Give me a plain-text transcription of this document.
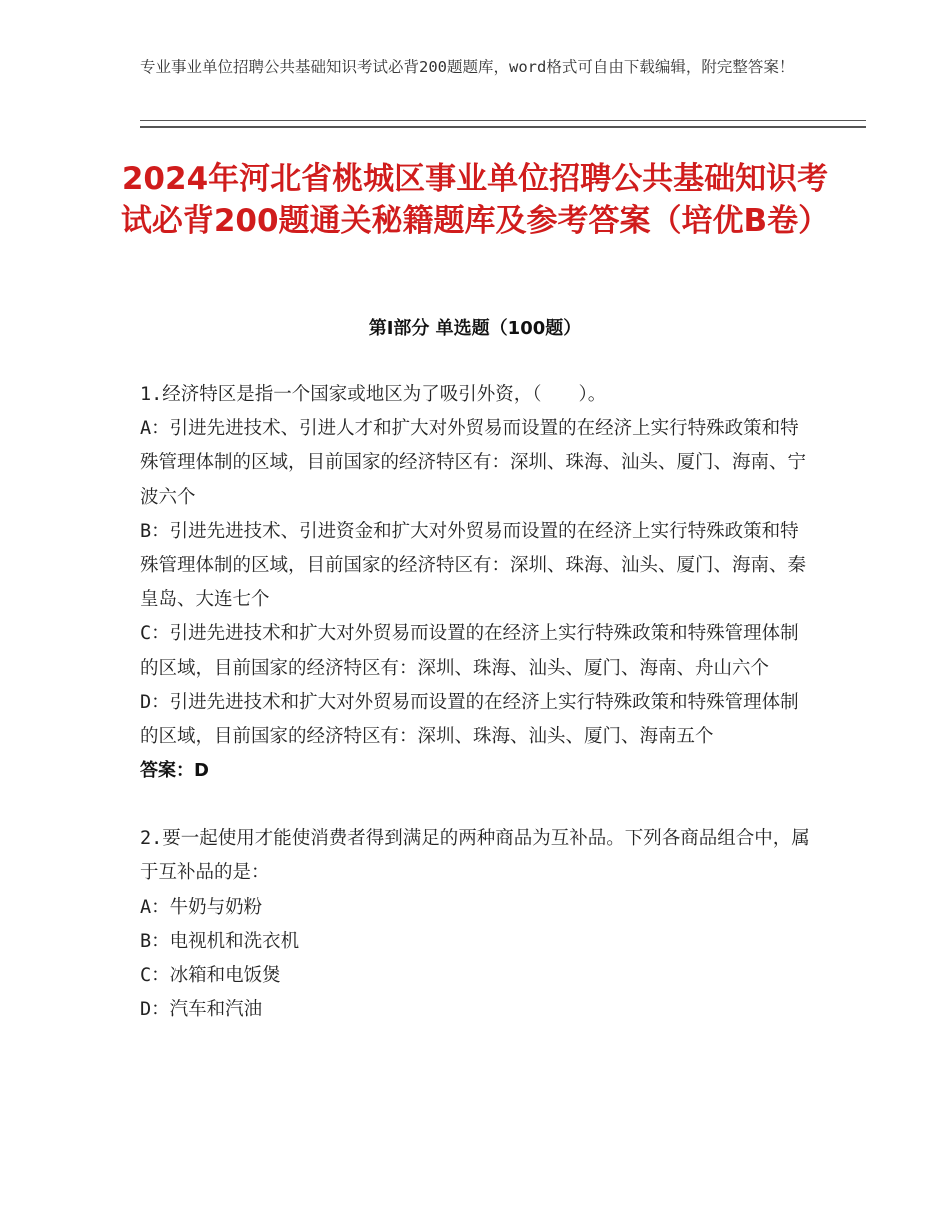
专业事业单位招聘公共基础知识考试必背200题题库，word格式可自由下载编辑，附完整答案！
2024年河北省桃城区事业单位招聘公共基础知识考试必背200题通关秘籍题库及参考答案（培优B卷）
第Ⅰ部分 单选题（100题）

1.经济特区是指一个国家或地区为了吸引外资，（　　）。

A：引进先进技术、引进人才和扩大对外贸易而设置的在经济上实行特殊政策和特殊管理体制的区域，目前国家的经济特区有：深圳、珠海、汕头、厦门、海南、宁波六个

B：引进先进技术、引进资金和扩大对外贸易而设置的在经济上实行特殊政策和特殊管理体制的区域，目前国家的经济特区有：深圳、珠海、汕头、厦门、海南、秦皇岛、大连七个

C：引进先进技术和扩大对外贸易而设置的在经济上实行特殊政策和特殊管理体制的区域，目前国家的经济特区有：深圳、珠海、汕头、厦门、海南、舟山六个

D：引进先进技术和扩大对外贸易而设置的在经济上实行特殊政策和特殊管理体制的区域，目前国家的经济特区有：深圳、珠海、汕头、厦门、海南五个

答案：D

2.要一起使用才能使消费者得到满足的两种商品为互补品。下列各商品组合中，属于互补品的是：

A：牛奶与奶粉

B：电视机和洗衣机

C：冰箱和电饭煲

D：汽车和汽油
